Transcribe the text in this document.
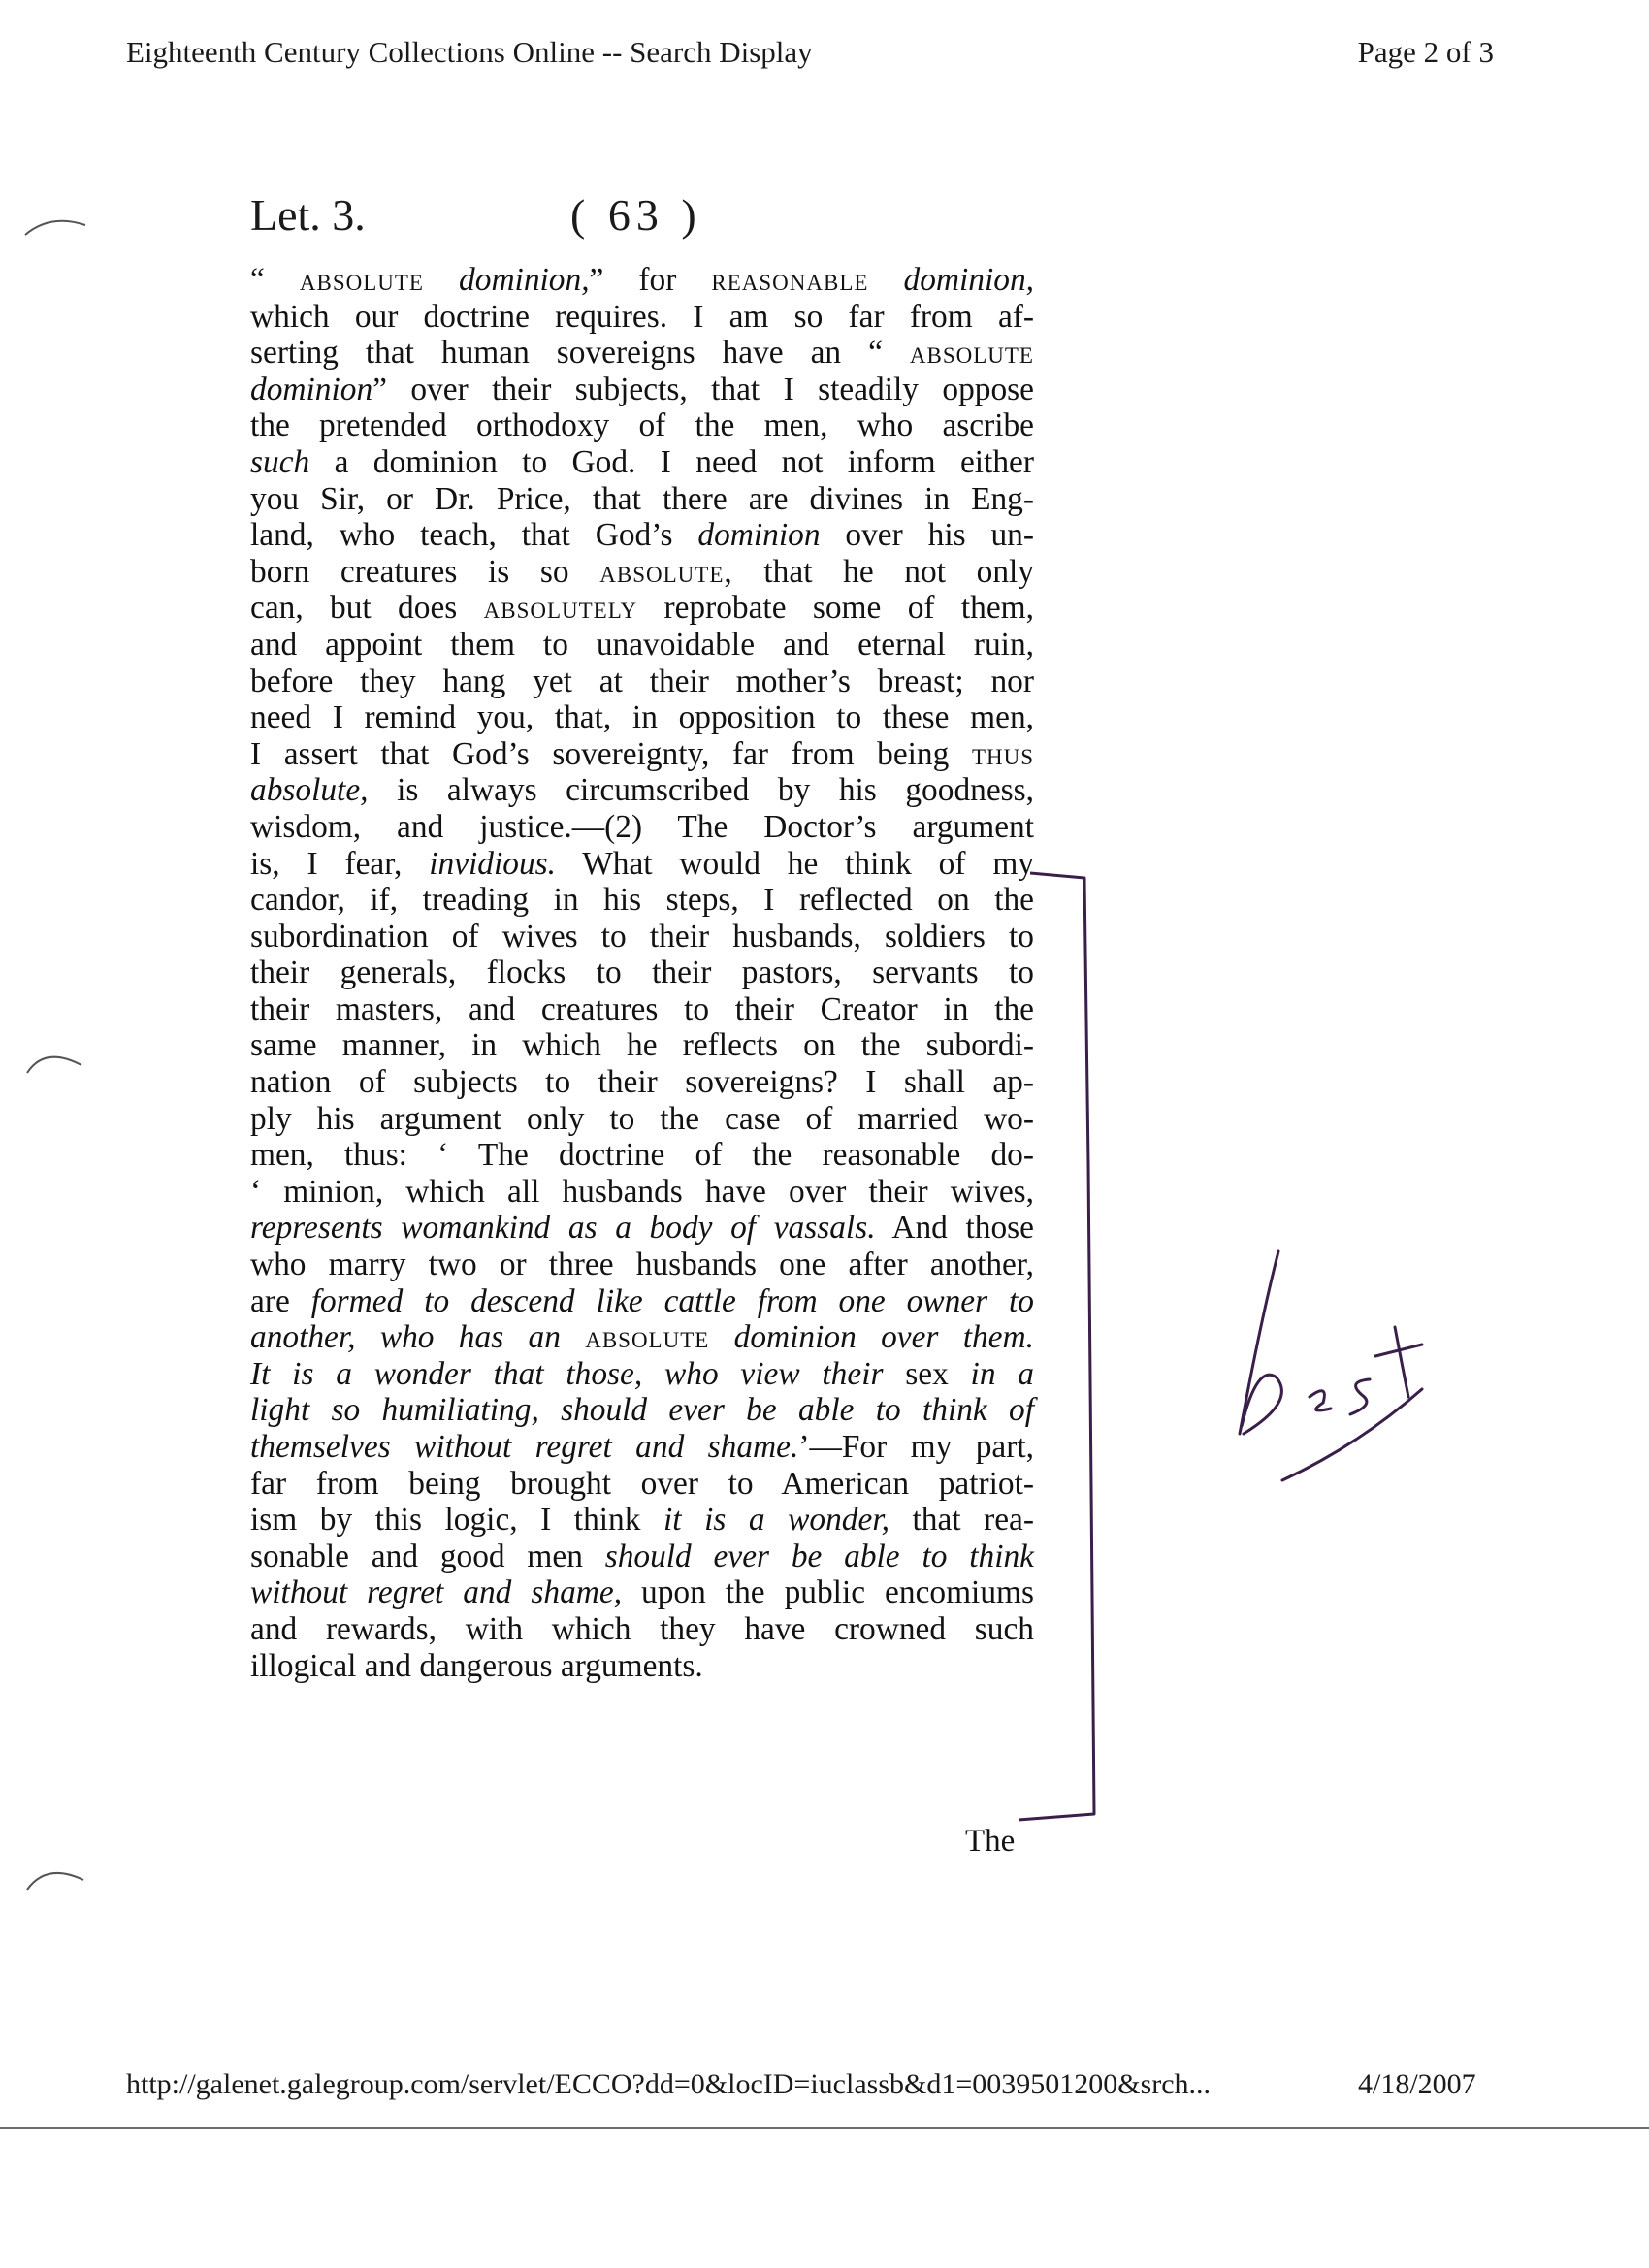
Eighteenth Century Collections Online -- Search Display	Page 2 of 3
Let. 3.	( 63 )
“ absolute dominion,” for reasonable dominion,
which our doctrine requires. I am so far from af-
serting that human sovereigns have an “ absolute
dominion” over their subjects, that I steadily oppose
the pretended orthodoxy of the men, who ascribe
such a dominion to God. I need not inform either
you Sir, or Dr. Price, that there are divines in Eng-
land, who teach, that God’s dominion over his un-
born creatures is so absolute, that he not only
can, but does absolutely reprobate some of them,
and appoint them to unavoidable and eternal ruin,
before they hang yet at their mother’s breast; nor
need I remind you, that, in opposition to these men,
I assert that God’s sovereignty, far from being thus
absolute, is always circumscribed by his goodness,
wisdom, and justice.—(2) The Doctor’s argument
is, I fear, invidious. What would he think of my
candor, if, treading in his steps, I reflected on the
subordination of wives to their husbands, soldiers to
their generals, flocks to their pastors, servants to
their masters, and creatures to their Creator in the
same manner, in which he reflects on the subordi-
nation of subjects to their sovereigns? I shall ap-
ply his argument only to the case of married wo-
men, thus: ‘ The doctrine of the reasonable do-
‘ minion, which all husbands have over their wives,
represents womankind as a body of vassals. And those
who marry two or three husbands one after another,
are formed to descend like cattle from one owner to
another, who has an absolute dominion over them.
It is a wonder that those, who view their sex in a
light so humiliating, should ever be able to think of
themselves without regret and shame.’—For my part,
far from being brought over to American patriot-
ism by this logic, I think it is a wonder, that rea-
sonable and good men should ever be able to think
without regret and shame, upon the public encomiums
and rewards, with which they have crowned such
illogical and dangerous arguments.
The
http://galenet.galegroup.com/servlet/ECCO?dd=0&locID=iuclassb&d1=0039501200&srch...	4/18/2007
